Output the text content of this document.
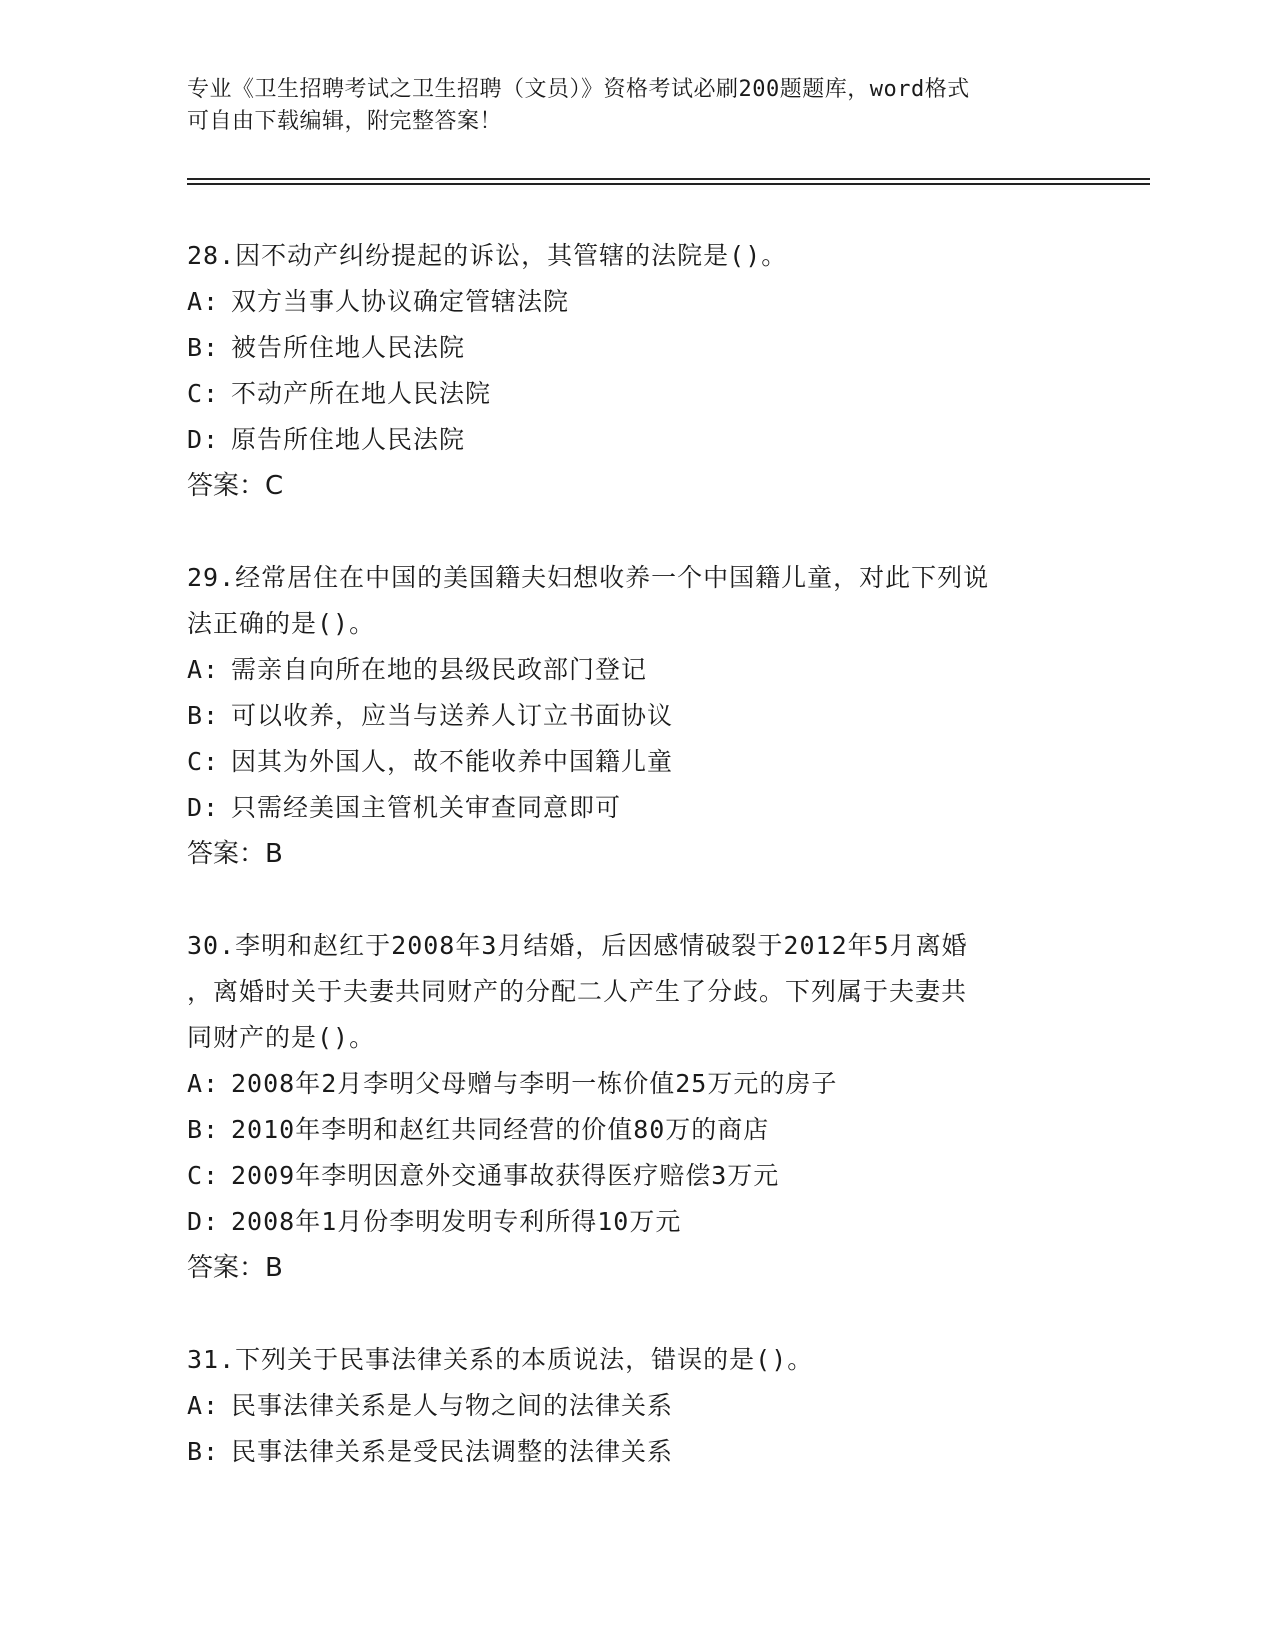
专业《卫生招聘考试之卫生招聘（文员）》资格考试必刷200题题库，word格式
可自由下载编辑，附完整答案！
28.因不动产纠纷提起的诉讼，其管辖的法院是()。
A: 双方当事人协议确定管辖法院
B: 被告所住地人民法院
C: 不动产所在地人民法院
D: 原告所住地人民法院
答案：C
29.经常居住在中国的美国籍夫妇想收养一个中国籍儿童，对此下列说
法正确的是()。
A: 需亲自向所在地的县级民政部门登记
B: 可以收养，应当与送养人订立书面协议
C: 因其为外国人，故不能收养中国籍儿童
D: 只需经美国主管机关审查同意即可
答案：B
30.李明和赵红于2008年3月结婚，后因感情破裂于2012年5月离婚
，离婚时关于夫妻共同财产的分配二人产生了分歧。下列属于夫妻共
同财产的是()。
A: 2008年2月李明父母赠与李明一栋价值25万元的房子
B: 2010年李明和赵红共同经营的价值80万的商店
C: 2009年李明因意外交通事故获得医疗赔偿3万元
D: 2008年1月份李明发明专利所得10万元
答案：B
31.下列关于民事法律关系的本质说法，错误的是()。
A: 民事法律关系是人与物之间的法律关系
B: 民事法律关系是受民法调整的法律关系
